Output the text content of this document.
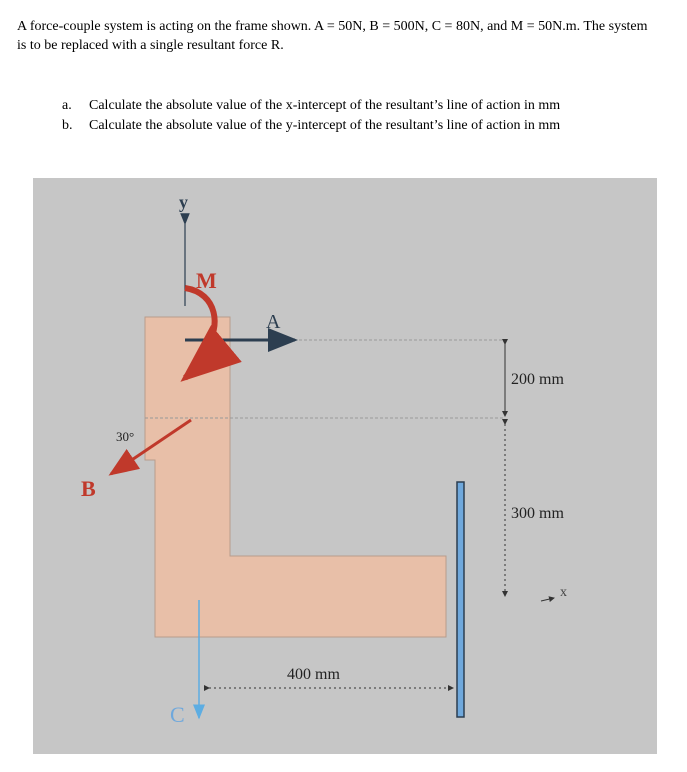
A force-couple system is acting on the frame shown. A = 50N, B = 500N, C = 80N, and M = 50N.m. The system is to be replaced with a single resultant force R.

a.	Calculate the absolute value of the x-intercept of the resultant’s line of action in mm
b.	Calculate the absolute value of the y-intercept of the resultant’s line of action in mm
y
M
A
30°
B
C
x
200 mm
300 mm
400 mm
